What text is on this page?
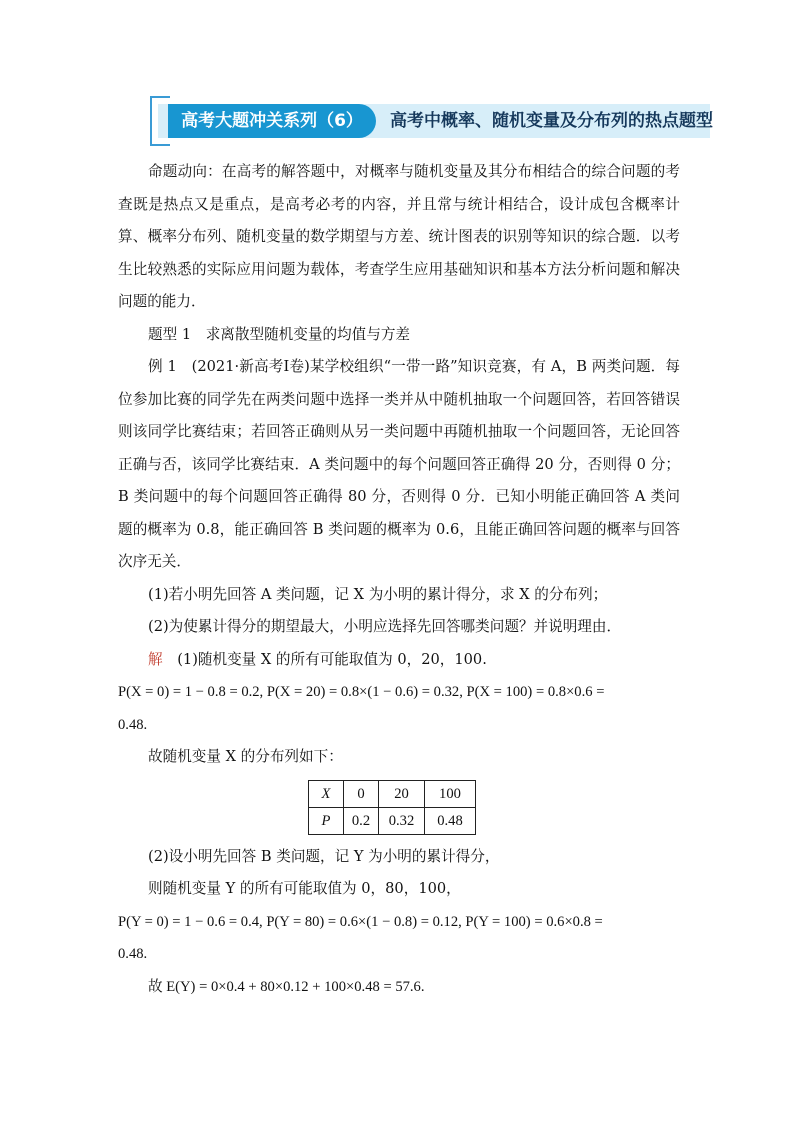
高考大题冲关系列（6）	高考中概率、随机变量及分布列的热点题型

命题动向：在高考的解答题中，对概率与随机变量及其分布相结合的综合问题的考查既是热点又是重点，是高考必考的内容，并且常与统计相结合，设计成包含概率计算、概率分布列、随机变量的数学期望与方差、统计图表的识别等知识的综合题．以考生比较熟悉的实际应用问题为载体，考查学生应用基础知识和基本方法分析问题和解决问题的能力．

题型 1　求离散型随机变量的均值与方差

例 1　(2021·新高考Ⅰ卷)某学校组织“一带一路”知识竞赛，有 A，B 两类问题．每位参加比赛的同学先在两类问题中选择一类并从中随机抽取一个问题回答，若回答错误则该同学比赛结束；若回答正确则从另一类问题中再随机抽取一个问题回答，无论回答正确与否，该同学比赛结束．A 类问题中的每个问题回答正确得 20 分，否则得 0 分；B 类问题中的每个问题回答正确得 80 分，否则得 0 分．已知小明能正确回答 A 类问题的概率为 0.8，能正确回答 B 类问题的概率为 0.6，且能正确回答问题的概率与回答次序无关．

(1)若小明先回答 A 类问题，记 X 为小明的累计得分，求 X 的分布列；

(2)为使累计得分的期望最大，小明应选择先回答哪类问题？并说明理由．

解　 (1)随机变量 X 的所有可能取值为 0，20，100.

P(X = 0) = 1 − 0.8 = 0.2, P(X = 20) = 0.8×(1 − 0.6) = 0.32, P(X = 100) = 0.8×0.6 =
0.48.

故随机变量 X 的分布列如下：

X	0	20	100
P	0.2	0.32	0.48

(2)设小明先回答 B 类问题，记 Y 为小明的累计得分，

则随机变量 Y 的所有可能取值为 0，80，100，

P(Y = 0) = 1 − 0.6 = 0.4, P(Y = 80) = 0.6×(1 − 0.8) = 0.12, P(Y = 100) = 0.6×0.8 =
0.48.

故 E(Y) = 0×0.4 + 80×0.12 + 100×0.48 = 57.6.
